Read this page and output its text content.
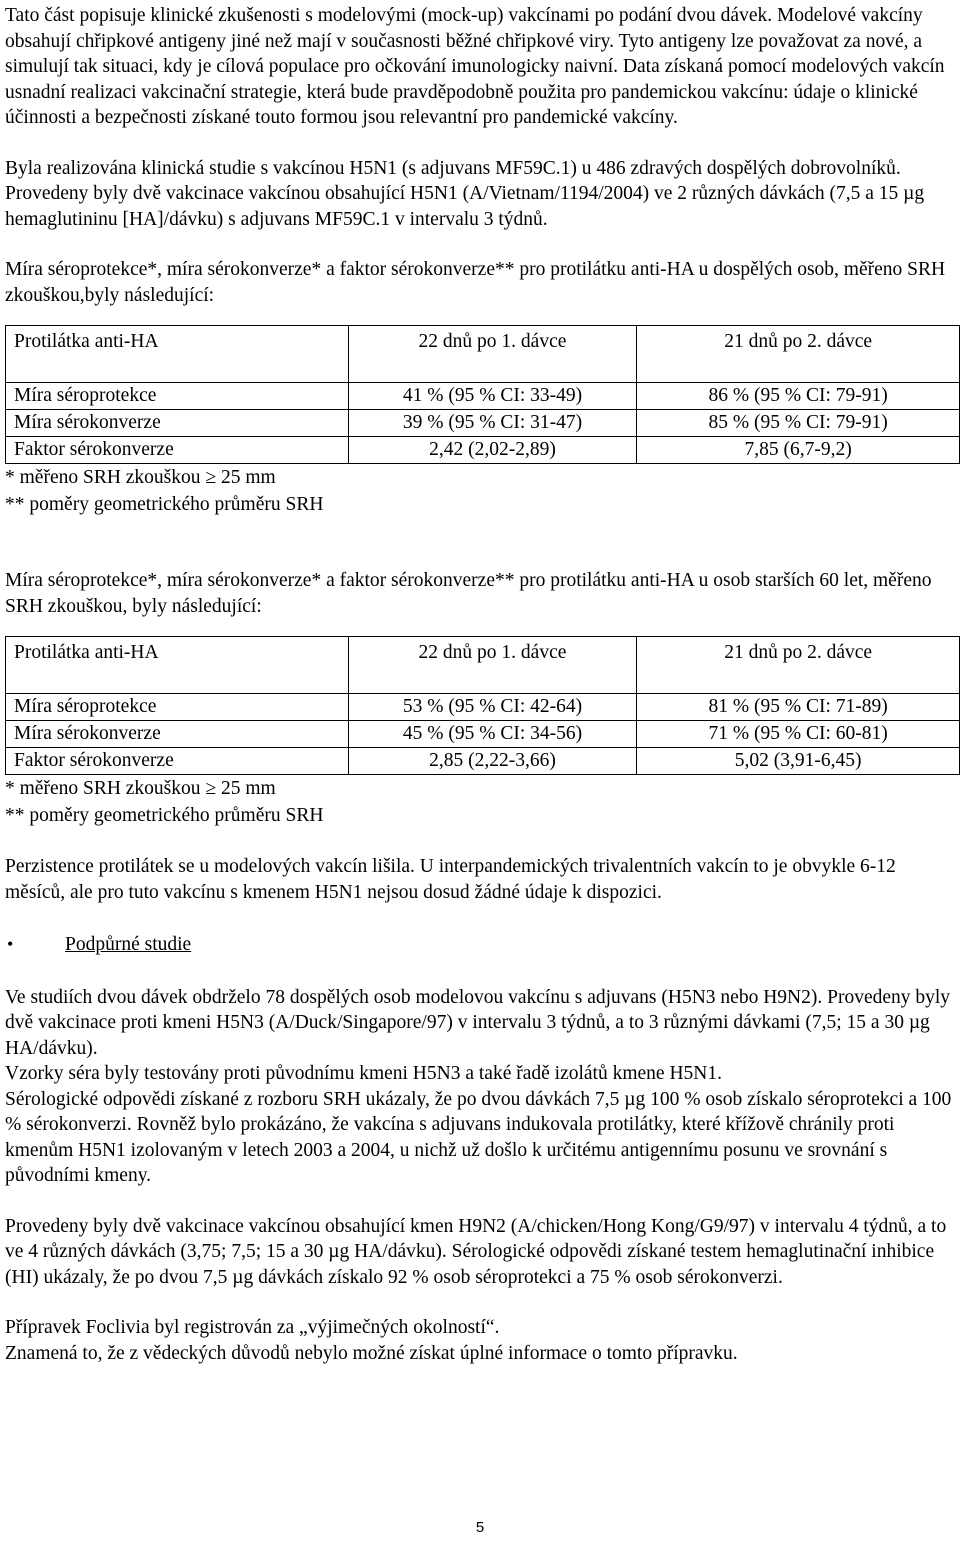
Tato část popisuje klinické zkušenosti s modelovými (mock-up) vakcínami po podání dvou dávek. Modelové vakcíny obsahují chřipkové antigeny jiné než mají v současnosti běžné chřipkové viry. Tyto antigeny lze považovat za nové, a simulují tak situaci, kdy je cílová populace pro očkování imunologicky naivní. Data získaná pomocí modelových vakcín usnadní realizaci vakcinační strategie, která bude pravděpodobně použita pro pandemickou vakcínu: údaje o klinické účinnosti a bezpečnosti získané touto formou jsou relevantní pro pandemické vakcíny.

Byla realizována klinická studie s vakcínou H5N1 (s adjuvans MF59C.1) u 486 zdravých dospělých dobrovolníků. Provedeny byly dvě vakcinace vakcínou obsahující H5N1 (A/Vietnam/1194/2004) ve 2 různých dávkách (7,5 a 15 µg hemaglutininu [HA]/dávku) s adjuvans MF59C.1 v intervalu 3 týdnů.

Míra séroprotekce*, míra sérokonverze* a faktor sérokonverze** pro protilátku anti-HA u dospělých osob, měřeno SRH zkouškou,byly následující:

Protilátka anti-HA	22 dnů po 1. dávce	21 dnů po 2. dávce
Míra séroprotekce	41 % (95 % CI: 33-49)	86 % (95 % CI: 79-91)
Míra sérokonverze	39 % (95 % CI: 31-47)	85 % (95 % CI: 79-91)
Faktor sérokonverze	2,42 (2,02-2,89)	7,85 (6,7-9,2)

* měřeno SRH zkouškou ≥ 25 mm

** poměry geometrického průměru SRH

Míra séroprotekce*, míra sérokonverze* a faktor sérokonverze** pro protilátku anti-HA u osob starších 60 let, měřeno SRH zkouškou, byly následující:

Protilátka anti-HA	22 dnů po 1. dávce	21 dnů po 2. dávce
Míra séroprotekce	53 % (95 % CI: 42-64)	81 % (95 % CI: 71-89)
Míra sérokonverze	45 % (95 % CI: 34-56)	71 % (95 % CI: 60-81)
Faktor sérokonverze	2,85 (2,22-3,66)	5,02 (3,91-6,45)

* měřeno SRH zkouškou ≥ 25 mm

** poměry geometrického průměru SRH

Perzistence protilátek se u modelových vakcín lišila. U interpandemických trivalentních vakcín to je obvykle 6-12 měsíců, ale pro tuto vakcínu s kmenem H5N1 nejsou dosud žádné údaje k dispozici.

•	Podpůrné studie

Ve studiích dvou dávek obdrželo 78 dospělých osob modelovou vakcínu s adjuvans (H5N3 nebo H9N2). Provedeny byly dvě vakcinace proti kmeni H5N3 (A/Duck/Singapore/97) v intervalu 3 týdnů, a to 3 různými dávkami (7,5; 15 a 30 µg HA/dávku).

Vzorky séra byly testovány proti původnímu kmeni H5N3 a také řadě izolátů kmene H5N1.

Sérologické odpovědi získané z rozboru SRH ukázaly, že po dvou dávkách 7,5 µg 100 % osob získalo séroprotekci a 100 % sérokonverzi. Rovněž bylo prokázáno, že vakcína s adjuvans indukovala protilátky, které křížově chránily proti kmenům H5N1 izolovaným v letech 2003 a 2004, u nichž už došlo k určitému antigennímu posunu ve srovnání s původními kmeny.

Provedeny byly dvě vakcinace vakcínou obsahující kmen H9N2 (A/chicken/Hong Kong/G9/97) v intervalu 4 týdnů, a to ve 4 různých dávkách (3,75; 7,5; 15 a 30 µg HA/dávku). Sérologické odpovědi získané testem hemaglutinační inhibice (HI) ukázaly, že po dvou 7,5 µg dávkách získalo 92 % osob séroprotekci a 75 % osob sérokonverzi.

Přípravek Foclivia byl registrován za „výjimečných okolností“.

Znamená to, že z vědeckých důvodů nebylo možné získat úplné informace o tomto přípravku.

5
